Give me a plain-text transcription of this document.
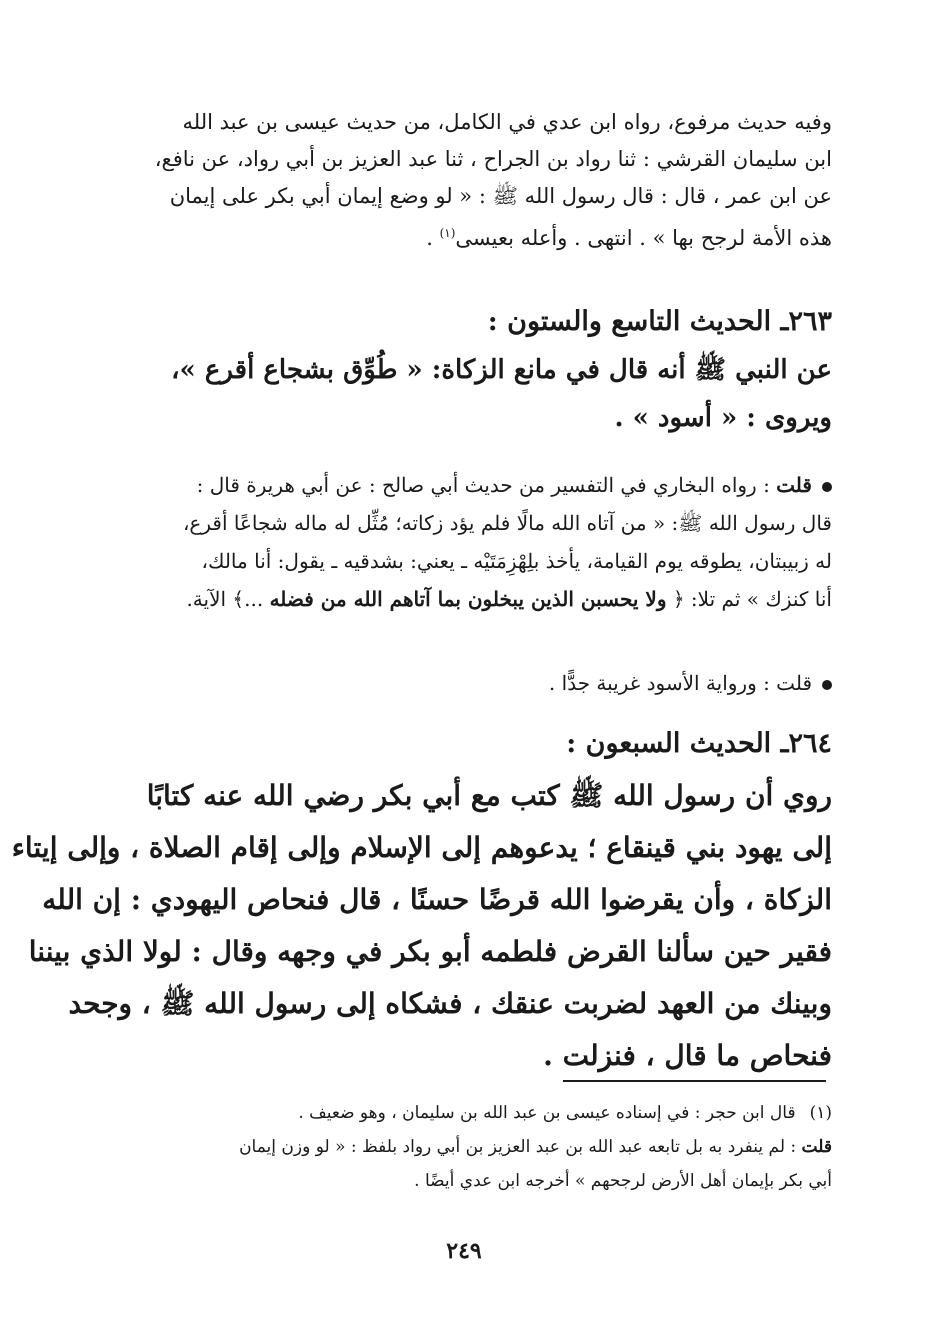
وفيه حديث مرفوع، رواه ابن عدي في الكامل، من حديث عيسى بن عبد الله
ابن سليمان القرشي : ثنا رواد بن الجراح ، ثنا عبد العزيز بن أبي رواد، عن نافع،
عن ابن عمر ، قال : قال رسول الله ﷺ : « لو وضع إيمان أبي بكر على إيمان
هذه الأمة لرجح بها » . انتهى . وأعله بعيسى$^{(١)}$ .
٢٦٣ـ الحديث التاسع والستون :
عن النبي ﷺ أنه قال في مانع الزكاة: « طُوِّق بشجاع أقرع »،
ويروى : « أسود » .
قلت : رواه البخاري في التفسير من حديث أبي صالح : عن أبي هريرة قال :
قال رسول الله ﷺ: « من آتاه الله مالًا فلم يؤد زكاته؛ مُثِّل له ماله شجاعًا أقرع،
له زبيبتان، يطوقه يوم القيامة، يأخذ بلِهْزِمَتَيْه ـ يعني: بشدقيه ـ يقول: أنا مالك،
أنا كنزك » ثم تلا: ﴿ ولا يحسبن الذين يبخلون بما آتاهم الله من فضله ...﴾ الآية.
قلت : ورواية الأسود غريبة جدًّا .
٢٦٤ـ الحديث السبعون :
روي أن رسول الله ﷺ كتب مع أبي بكر رضي الله عنه كتابًا
إلى يهود بني قينقاع ؛ يدعوهم إلى الإسلام وإلى إقام الصلاة ، وإلى إيتاء
الزكاة ، وأن يقرضوا الله قرضًا حسنًا ، قال فنحاص اليهودي : إن الله
فقير حين سألنا القرض فلطمه أبو بكر في وجهه وقال : لولا الذي بيننا
وبينك من العهد لضربت عنقك ، فشكاه إلى رسول الله ﷺ ، وجحد
فنحاص ما قال ، فنزلت .
(١)قال ابن حجر : في إسناده عيسى بن عبد الله بن سليمان ، وهو ضعيف .
قلت : لم ينفرد به بل تابعه عبد الله بن عبد العزيز بن أبي رواد بلفظ : « لو وزن إيمان
أبي بكر بإيمان أهل الأرض لرجحهم » أخرجه ابن عدي أيضًا .
٢٤٩
